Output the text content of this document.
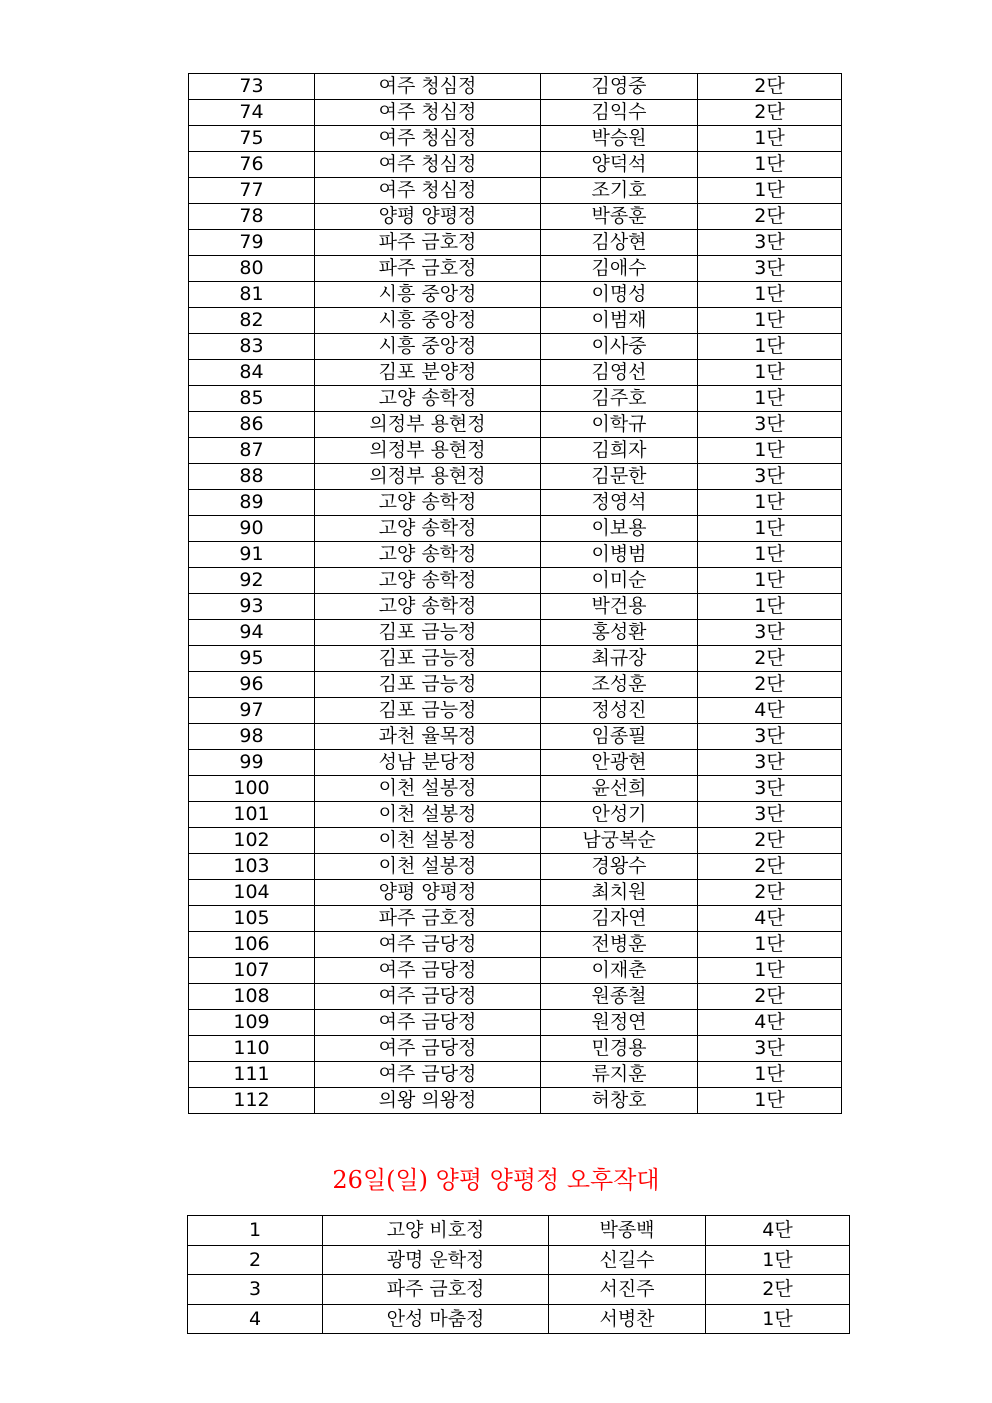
73	여주 청심정	김영중	2단
74	여주 청심정	김익수	2단
75	여주 청심정	박승원	1단
76	여주 청심정	양덕석	1단
77	여주 청심정	조기호	1단
78	양평 양평정	박종훈	2단
79	파주 금호정	김상현	3단
80	파주 금호정	김애수	3단
81	시흥 중앙정	이명성	1단
82	시흥 중앙정	이범재	1단
83	시흥 중앙정	이사중	1단
84	김포 분양정	김영선	1단
85	고양 송학정	김주호	1단
86	의정부 용현정	이학규	3단
87	의정부 용현정	김희자	1단
88	의정부 용현정	김문한	3단
89	고양 송학정	정영석	1단
90	고양 송학정	이보용	1단
91	고양 송학정	이병범	1단
92	고양 송학정	이미순	1단
93	고양 송학정	박건용	1단
94	김포 금능정	홍성환	3단
95	김포 금능정	최규장	2단
96	김포 금능정	조성훈	2단
97	김포 금능정	정성진	4단
98	과천 율목정	임종필	3단
99	성남 분당정	안광현	3단
100	이천 설봉정	윤선희	3단
101	이천 설봉정	안성기	3단
102	이천 설봉정	남궁복순	2단
103	이천 설봉정	경왕수	2단
104	양평 양평정	최치원	2단
105	파주 금호정	김자연	4단
106	여주 금당정	전병훈	1단
107	여주 금당정	이재춘	1단
108	여주 금당정	원종철	2단
109	여주 금당정	원정연	4단
110	여주 금당정	민경용	3단
111	여주 금당정	류지훈	1단
112	의왕 의왕정	허창호	1단
26일(일) 양평 양평정 오후작대
1	고양 비호정	박종백	4단
2	광명 운학정	신길수	1단
3	파주 금호정	서진주	2단
4	안성 마춤정	서병찬	1단
